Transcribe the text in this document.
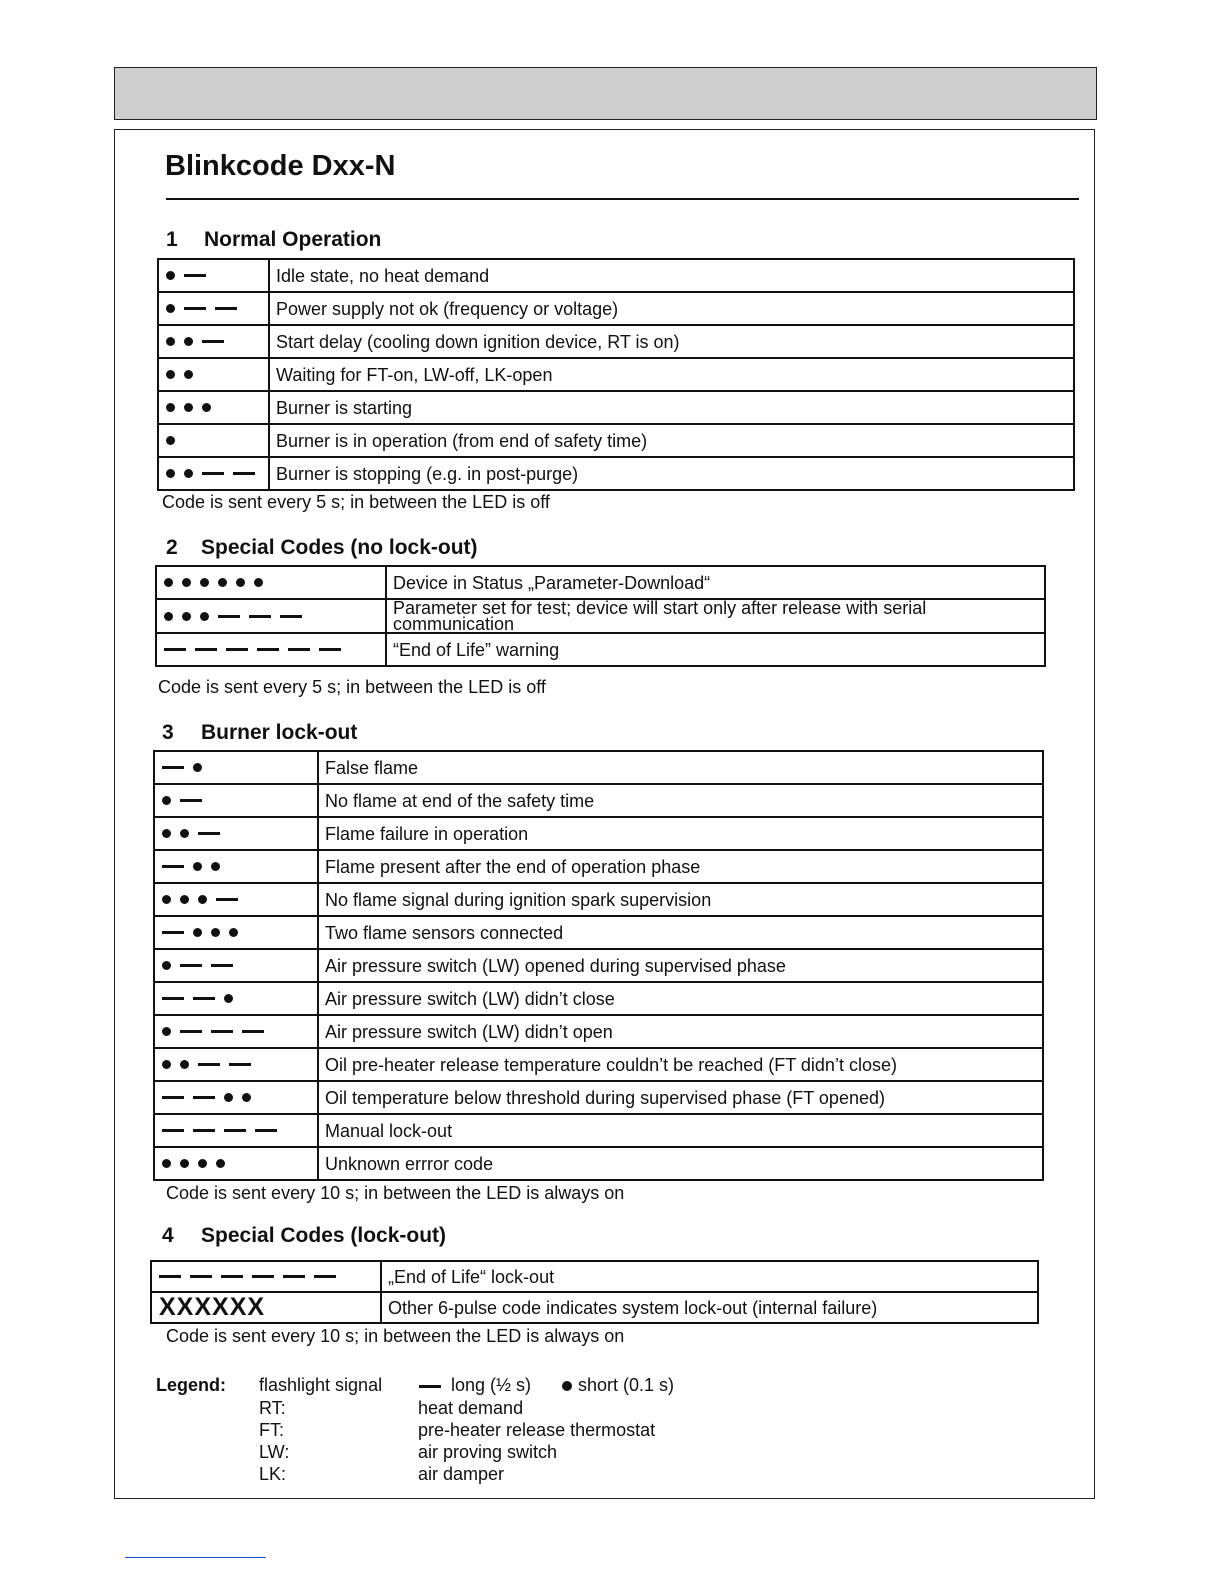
Blinkcode Dxx-N
1 Normal Operation
	Idle state, no heat demand

	Power supply not ok (frequency or voltage)

	Start delay (cooling down ignition device, RT is on)

	Waiting for FT-on, LW-off, LK-open

	Burner is starting

	Burner is in operation (from end of safety time)

	Burner is stopping (e.g. in post-purge)

Code is sent every 5 s; in between the LED is off

2 Special Codes (no lock-out)
	Device in Status „Parameter-Download“

	Parameter set for test; device will start only after release with serial communication

	“End of Life” warning

Code is sent every 5 s; in between the LED is off

3 Burner lock-out
	False flame

	No flame at end of the safety time

	Flame failure in operation

	Flame present after the end of operation phase

	No flame signal during ignition spark supervision

	Two flame sensors connected

	Air pressure switch (LW) opened during supervised phase

	Air pressure switch (LW) didn’t close

	Air pressure switch (LW) didn’t open

	Oil pre-heater release temperature couldn’t be reached (FT didn’t close)

	Oil temperature below threshold during supervised phase (FT opened)

	Manual lock-out

	Unknown errror code

Code is sent every 10 s; in between the LED is always on

4 Special Codes (lock-out)
	„End of Life“ lock-out

XXXXXX	Other 6-pulse code indicates system lock-out (internal failure)

Code is sent every 10 s; in between the LED is always on

Legend: flashlight signal	long (½ s)	short (0.1 s)
RT:	heat demand
FT:	pre-heater release thermostat
LW:	air proving switch
LK:	air damper
